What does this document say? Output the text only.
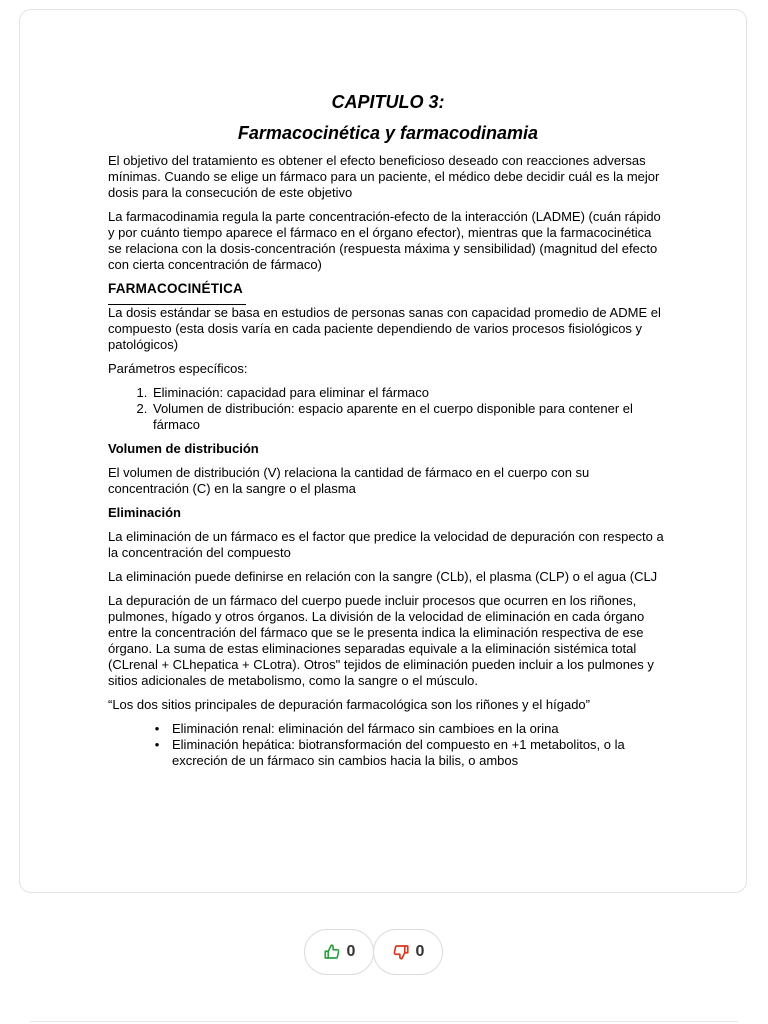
CAPITULO 3:
Farmacocinética y farmacodinamia

El objetivo del tratamiento es obtener el efecto beneficioso deseado con reacciones adversas mínimas. Cuando se elige un fármaco para un paciente, el médico debe decidir cuál es la mejor dosis para la consecución de este objetivo

La farmacodinamia regula la parte concentración-efecto de la interacción (LADME) (cuán rápido y por cuánto tiempo aparece el fármaco en el órgano efector), mientras que la farmacocinética se relaciona con la dosis-concentración (respuesta máxima y sensibilidad) (magnitud del efecto con cierta concentración de fármaco)

FARMACOCINÉTICA

La dosis estándar se basa en estudios de personas sanas con capacidad promedio de ADME el compuesto (esta dosis varía en cada paciente dependiendo de varios procesos fisiológicos y patológicos)

Parámetros específicos:

1. Eliminación: capacidad para eliminar el fármaco
2. Volumen de distribución: espacio aparente en el cuerpo disponible para contener el fármaco
Volumen de distribución

El volumen de distribución (V) relaciona la cantidad de fármaco en el cuerpo con su concentración (C) en la sangre o el plasma

Eliminación

La eliminación de un fármaco es el factor que predice la velocidad de depuración con respecto a la concentración del compuesto

La eliminación puede definirse en relación con la sangre (CLb), el plasma (CLP) o el agua (CLJ

La depuración de un fármaco del cuerpo puede incluir procesos que ocurren en los riñones, pulmones, hígado y otros órganos. La división de la velocidad de eliminación en cada órgano entre la concentración del fármaco que se le presenta indica la eliminación respectiva de ese órgano. La suma de estas eliminaciones separadas equivale a la eliminación sistémica total (CLrenal + CLhepatica + CLotra). Otros" tejidos de eliminación pueden incluir a los pulmones y sitios adicionales de metabolismo, como la sangre o el músculo.

“Los dos sitios principales de depuración farmacológica son los riñones y el hígado”

• Eliminación renal: eliminación del fármaco sin cambioes en la orina
• Eliminación hepática: biotransformación del compuesto en +1 metabolitos, o la excreción de un fármaco sin cambios hacia la bilis, o ambos
0	0
